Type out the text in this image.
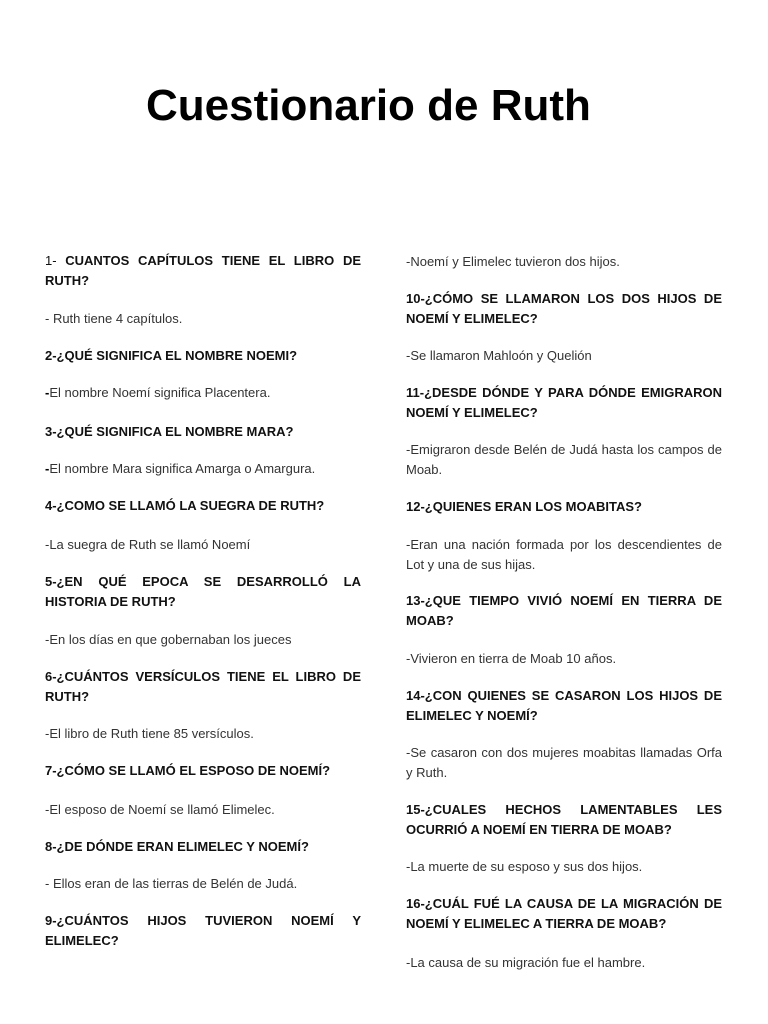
Cuestionario de Ruth
1- CUANTOS CAPÍTULOS TIENE EL LIBRO DE RUTH?
- Ruth tiene 4 capítulos.
2-¿QUÉ SIGNIFICA EL NOMBRE NOEMI?
-El nombre Noemí significa Placentera.
3-¿QUÉ SIGNIFICA EL NOMBRE MARA?
-El nombre Mara significa Amarga o Amargura.
4-¿COMO SE LLAMÓ LA SUEGRA DE RUTH?
-La suegra de Ruth se llamó Noemí
5-¿EN QUÉ EPOCA SE DESARROLLÓ LA HISTORIA DE RUTH?
-En los días en que gobernaban los jueces
6-¿CUÁNTOS VERSÍCULOS TIENE EL LIBRO DE RUTH?
-El libro de Ruth tiene 85 versículos.
7-¿CÓMO SE LLAMÓ EL ESPOSO DE NOEMÍ?
-El esposo de Noemí se llamó Elimelec.
8-¿DE DÓNDE ERAN ELIMELEC Y NOEMÍ?
- Ellos eran de las tierras de Belén de Judá.
9-¿CUÁNTOS HIJOS TUVIERON NOEMÍ Y ELIMELEC?
-Noemí y Elimelec tuvieron dos hijos.
10-¿CÓMO SE LLAMARON LOS DOS HIJOS DE NOEMÍ Y ELIMELEC?
-Se llamaron Mahloón y Quelión
11-¿DESDE DÓNDE Y PARA DÓNDE EMIGRARON NOEMÍ Y ELIMELEC?
-Emigraron desde Belén de Judá hasta los campos de Moab.
12-¿QUIENES ERAN LOS MOABITAS?
-Eran una nación formada por los descendientes de Lot y una de sus hijas.
13-¿QUE TIEMPO VIVIÓ NOEMÍ EN TIERRA DE MOAB?
-Vivieron en tierra de Moab 10 años.
14-¿CON QUIENES SE CASARON LOS HIJOS DE ELIMELEC Y NOEMÍ?
-Se casaron con dos mujeres moabitas llamadas Orfa y Ruth.
15-¿CUALES HECHOS LAMENTABLES LES OCURRIÓ A NOEMÍ EN TIERRA DE MOAB?
-La muerte de su esposo y sus dos hijos.
16-¿CUÁL FUÉ LA CAUSA DE LA MIGRACIÓN DE NOEMÍ Y ELIMELEC A TIERRA DE MOAB?
-La causa de su migración fue el hambre.
